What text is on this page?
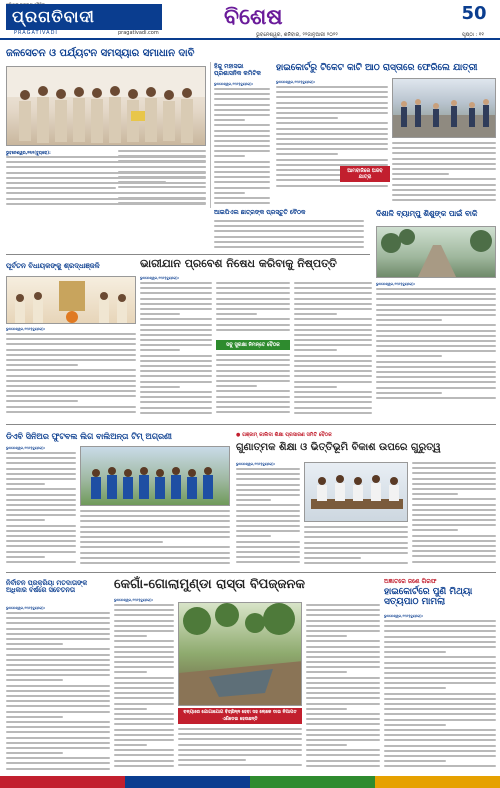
ପ୍ରଗତିବାଦୀ
PRAGATIVADI	pragativadi.com
ବିଶେଷ	50
ଭୁବନେଶ୍ୱର, ଶନିବାର, ୨୨ଜାନୁଆରୀ ୨୦୨୨	ପୃଷ୍ଠା : ୧୧
ଜଳସେଚନ ଓ ପର୍ଯ୍ୟଟନ ସମସ୍ୟାର ସମାଧାନ ଦାବି
ଭୁବନେଶ୍ୱର,୨୧ା୧(ବ୍ୟୁରୋ):
ହିନ୍ଦୁ ମହାସଭା ପ୍ରଶାସନିକ କମିଟିକ
ଭୁବନେଶ୍ୱର,୨୧ା୧(ବ୍ୟୁରୋ):
ହାଇକୋର୍ଟରୁ ଟିକେଟ କାଟି ଆଠ ରାସ୍ତାରେ ଫେରିଲେ ଯାତ୍ରୀ
ଭୁବନେଶ୍ୱର,୨୧ା୧(ବ୍ୟୁରୋ):
ଆମବାଜିରେ ଅଜବ ଯାତ୍ରା
ଆଇପିଏଲ ଛାତ୍ରଙ୍କ ପ୍ରସ୍ତୁତି ବୈଠକ	ଦିଶାଳି ବ୍ୟାମ୍ପୁ ଶିଶୁଙ୍କ ପାଇଁ ବାକି
ଭୁବନେଶ୍ୱର,୨୧ା୧(ବ୍ୟୁରୋ):
ପୂର୍ବତନ ବିଧାୟକଙ୍କୁ ଶ୍ରଦ୍ଧାଞ୍ଜଳି
ଭୁବନେଶ୍ୱର,୨୧ା୧(ବ୍ୟୁରୋ):
ଭାରୀଯାନ ପ୍ରବେଶ ନିଷେଧ କରିବାକୁ ନିଷ୍ପତ୍ତି
ଭୁବନେଶ୍ୱର,୨୧ା୧(ବ୍ୟୁରୋ):
ସବୁ ସୁରକ୍ଷା ନିମନ୍ତେ ବୈଠକ
ଡିଏବି ସିନିଅର ଫୁଟବଲ ଲିଗ ବାଲିଅନ୍ତା ଟିମ୍ ଅଗ୍ରଣୀ
ଭୁବନେଶ୍ୱର,୨୧ା୧(ବ୍ୟୁରୋ):
● ଗଞ୍ଜାମ୍ କାଲିଦା ଶିକ୍ଷା ପ୍ରସାରଣ ସମିତି ବୈଠକ
ଗୁଣାତ୍ମକ ଶିକ୍ଷା ଓ ଭିତ୍ତିଭୂମି ବିକାଶ ଉପରେ ଗୁରୁତ୍ୱ
ଭୁବନେଶ୍ୱର,୨୧ା୧(ବ୍ୟୁରୋ):
ନିର୍ବାଚନ ପ୍ରକ୍ରିୟା ମତଦାତାଙ୍କ ଅଧିକାର ବର୍ଷରେ ସଚେତନତା
ଭୁବନେଶ୍ୱର,୨୧ା୧(ବ୍ୟୁରୋ):
କେଗାଁ-ଗୋଲାମୁଣ୍ଡା ରାସ୍ତା ବିପଜ୍ଜନକ
ଭୁବନେଶ୍ୱର,୨୧ା୧(ବ୍ୟୁରୋ):
ବନ୍ୟାରେ ଯୋଗାଯୋଗ ବିଚ୍ଛିନ୍ନ ହେବା ସହ ଲୋକେ ଡାଇ ନିଆପତ ଏଣିଡେଇ ହେଉଛନ୍ତି
ଅଜ୍ଞାତରେ ଜଣେ ଗିରଫ
ହାଇକୋର୍ଟରେ ପୁଣି ମିଥ୍ୟା ସତ୍ୟପାଠ ମାମଲା
ଭୁବନେଶ୍ୱର,୨୧ା୧(ବ୍ୟୁରୋ):
